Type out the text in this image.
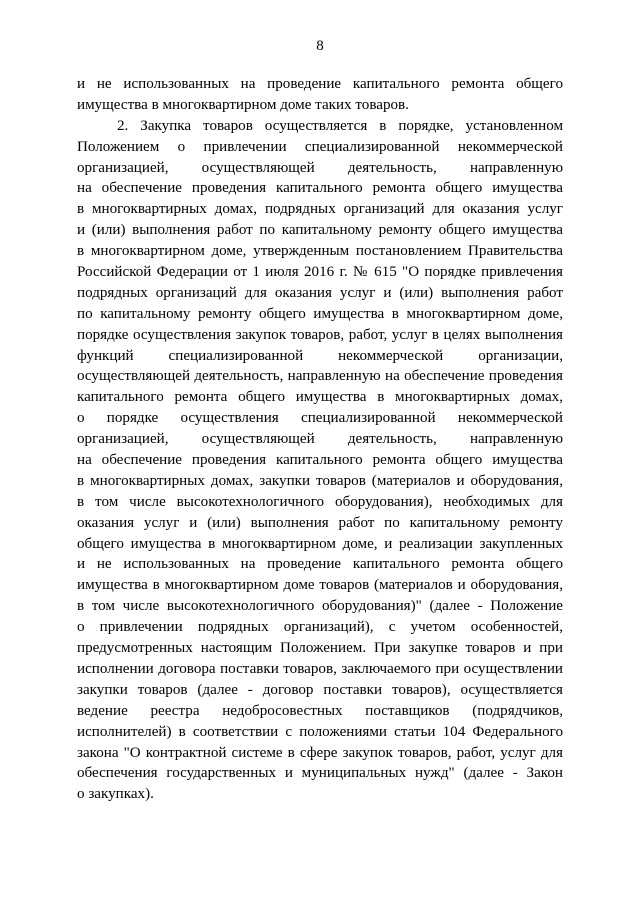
8
и не использованных на проведение капитального ремонта общего
имущества в многоквартирном доме таких товаров.
2. Закупка товаров осуществляется в порядке, установленном
Положением о привлечении специализированной некоммерческой
организацией, осуществляющей деятельность, направленную
на обеспечение проведения капитального ремонта общего имущества
в многоквартирных домах, подрядных организаций для оказания услуг
и (или) выполнения работ по капитальному ремонту общего имущества
в многоквартирном доме, утвержденным постановлением Правительства
Российской Федерации от 1 июля 2016 г. № 615 "О порядке привлечения
подрядных организаций для оказания услуг и (или) выполнения работ
по капитальному ремонту общего имущества в многоквартирном доме,
порядке осуществления закупок товаров, работ, услуг в целях выполнения
функций специализированной некоммерческой организации,
осуществляющей деятельность, направленную на обеспечение проведения
капитального ремонта общего имущества в многоквартирных домах,
о порядке осуществления специализированной некоммерческой
организацией, осуществляющей деятельность, направленную
на обеспечение проведения капитального ремонта общего имущества
в многоквартирных домах, закупки товаров (материалов и оборудования,
в том числе высокотехнологичного оборудования), необходимых для
оказания услуг и (или) выполнения работ по капитальному ремонту
общего имущества в многоквартирном доме, и реализации закупленных
и не использованных на проведение капитального ремонта общего
имущества в многоквартирном доме товаров (материалов и оборудования,
в том числе высокотехнологичного оборудования)" (далее - Положение
о привлечении подрядных организаций), с учетом особенностей,
предусмотренных настоящим Положением. При закупке товаров и при
исполнении договора поставки товаров, заключаемого при осуществлении
закупки товаров (далее - договор поставки товаров), осуществляется
ведение реестра недобросовестных поставщиков (подрядчиков,
исполнителей) в соответствии с положениями статьи 104 Федерального
закона "О контрактной системе в сфере закупок товаров, работ, услуг для
обеспечения государственных и муниципальных нужд" (далее - Закон
о закупках).
